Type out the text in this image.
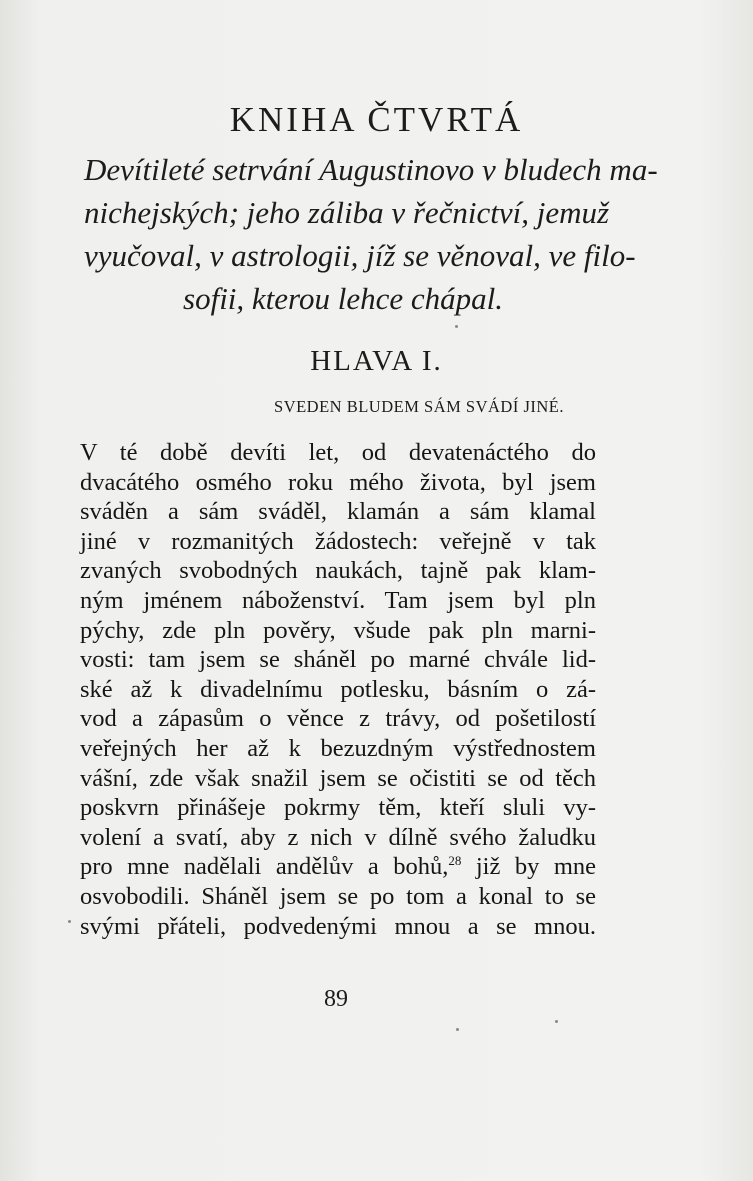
KNIHA ČTVRTÁ
Devítileté setrvání Augustinovo v bludech ma-
nichejských; jeho záliba v řečnictví, jemuž
vyučoval, v astrologii, jíž se věnoval, ve filo-
sofii, kterou lehce chápal.
HLAVA I.
SVEDEN BLUDEM SÁM SVÁDÍ JINÉ.
V té době devíti let, od devatenáctého do
dvacátého osmého roku mého života, byl jsem
sváděn a sám sváděl, klamán a sám klamal
jiné v rozmanitých žádostech: veřejně v tak
zvaných svobodných naukách, tajně pak klam-
ným jménem náboženství. Tam jsem byl pln
pýchy, zde pln pověry, všude pak pln marni-
vosti: tam jsem se sháněl po marné chvále lid-
ské až k divadelnímu potlesku, básním o zá-
vod a zápasům o věnce z trávy, od pošetilostí
veřejných her až k bezuzdným výstřednostem
vášní, zde však snažil jsem se očistiti se od těch
poskvrn přinášeje pokrmy těm, kteří sluli vy-
volení a svatí, aby z nich v dílně svého žaludku
pro mne nadělali andělův a bohů,$^{28}$ již by mne
osvobodili. Sháněl jsem se po tom a konal to se
svými přáteli, podvedenými mnou a se mnou.
89
